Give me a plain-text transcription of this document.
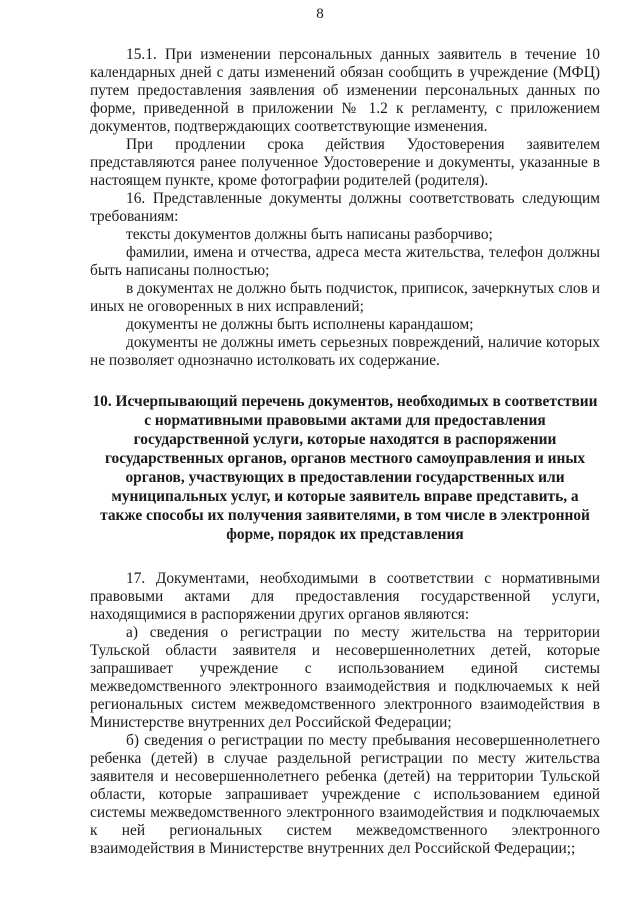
8

15.1. При изменении персональных данных заявитель в течение 10 календарных дней с даты изменений обязан сообщить в учреждение (МФЦ) путем предоставления заявления об изменении персональных данных по форме, приведенной в приложении № 1.2 к регламенту, с приложением документов, подтверждающих соответствующие изменения.

При продлении срока действия Удостоверения заявителем представляются ранее полученное Удостоверение и документы, указанные в настоящем пункте, кроме фотографии родителей (родителя).

16. Представленные документы должны соответствовать следующим требованиям:

тексты документов должны быть написаны разборчиво;

фамилии, имена и отчества, адреса места жительства, телефон должны быть написаны полностью;

в документах не должно быть подчисток, приписок, зачеркнутых слов и иных не оговоренных в них исправлений;

документы не должны быть исполнены карандашом;

документы не должны иметь серьезных повреждений, наличие которых не позволяет однозначно истолковать их содержание.

10. Исчерпывающий перечень документов, необходимых в соответствии с нормативными правовыми актами для предоставления государственной услуги, которые находятся в распоряжении государственных органов, органов местного самоуправления и иных органов, участвующих в предоставлении государственных или муниципальных услуг, и которые заявитель вправе представить, а также способы их получения заявителями, в том числе в электронной форме, порядок их представления

17. Документами, необходимыми в соответствии с нормативными правовыми актами для предоставления государственной услуги, находящимися в распоряжении других органов являются:

а) сведения о регистрации по месту жительства на территории Тульской области заявителя и несовершеннолетних детей, которые запрашивает учреждение с использованием единой системы межведомственного электронного взаимодействия и подключаемых к ней региональных систем межведомственного электронного взаимодействия в Министерстве внутренних дел Российской Федерации;

б) сведения о регистрации по месту пребывания несовершеннолетнего ребенка (детей) в случае раздельной регистрации по месту жительства заявителя и несовершеннолетнего ребенка (детей) на территории Тульской области, которые запрашивает учреждение с использованием единой системы межведомственного электронного взаимодействия и подключаемых к ней региональных систем межведомственного электронного взаимодействия в Министерстве внутренних дел Российской Федерации;;
